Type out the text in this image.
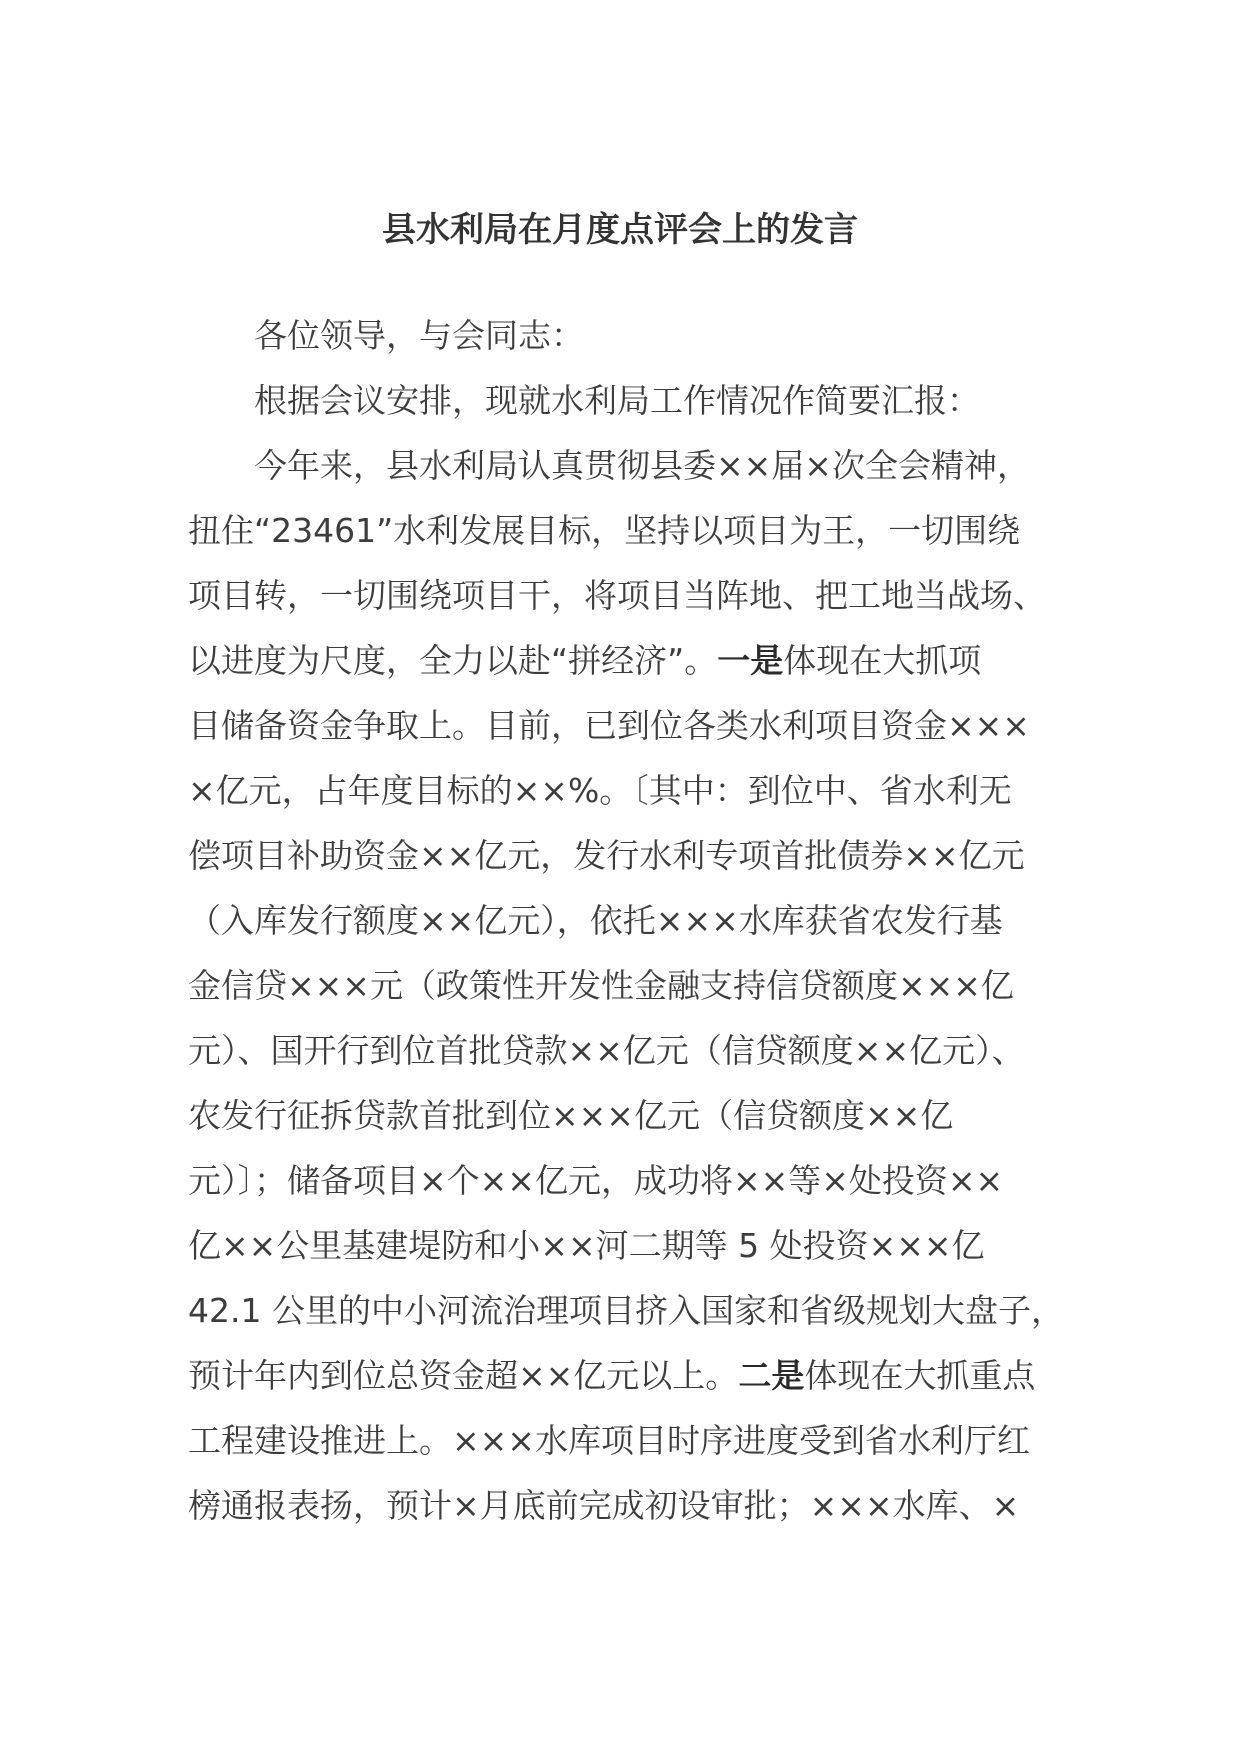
县水利局在月度点评会上的发言
各位领导，与会同志：
根据会议安排，现就水利局工作情况作简要汇报：
今年来，县水利局认真贯彻县委××届×次全会精神，
扭住“23461”水利发展目标，坚持以项目为王，一切围绕
项目转，一切围绕项目干，将项目当阵地、把工地当战场、
以进度为尺度，全力以赴“拼经济”。一是体现在大抓项
目储备资金争取上。目前，已到位各类水利项目资金×××
×亿元，占年度目标的××%。〔其中：到位中、省水利无
偿项目补助资金××亿元，发行水利专项首批债券××亿元
（入库发行额度××亿元），依托×××水库获省农发行基
金信贷×××元（政策性开发性金融支持信贷额度×××亿
元）、国开行到位首批贷款××亿元（信贷额度××亿元）、
农发行征拆贷款首批到位×××亿元（信贷额度××亿
元）〕；储备项目×个××亿元，成功将××等×处投资××
亿××公里基建堤防和小××河二期等 5 处投资×××亿
42.1 公里的中小河流治理项目挤入国家和省级规划大盘子，
预计年内到位总资金超××亿元以上。二是体现在大抓重点
工程建设推进上。×××水库项目时序进度受到省水利厅红
榜通报表扬，预计×月底前完成初设审批；×××水库、×
